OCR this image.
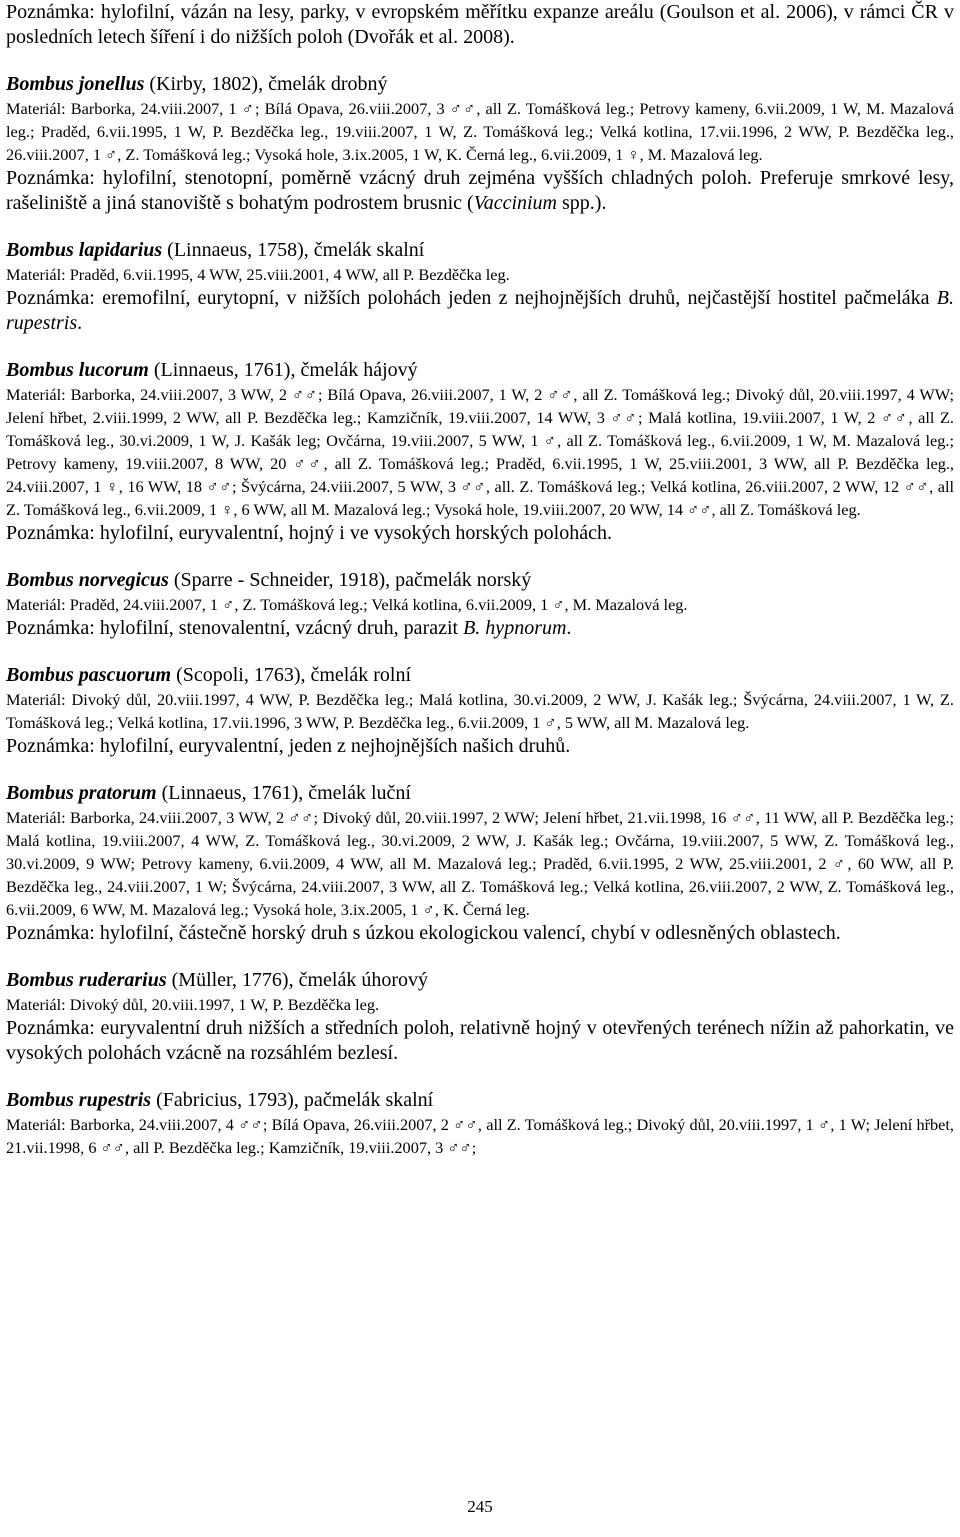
Poznámka: hylofilní, vázán na lesy, parky, v evropském měřítku expanze areálu (Goulson et al. 2006), v rámci ČR v posledních letech šíření i do nižších poloh (Dvořák et al. 2008).

Bombus jonellus (Kirby, 1802), čmelák drobný

Materiál: Barborka, 24.viii.2007, 1 ♂; Bílá Opava, 26.viii.2007, 3 ♂♂, all Z. Tomášková leg.; Petrovy kameny, 6.vii.2009, 1 W, M. Mazalová leg.; Praděd, 6.vii.1995, 1 W, P. Bezděčka leg., 19.viii.2007, 1 W, Z. Tomášková leg.; Velká kotlina, 17.vii.1996, 2 WW, P. Bezděčka leg., 26.viii.2007, 1 ♂, Z. Tomášková leg.; Vysoká hole, 3.ix.2005, 1 W, K. Černá leg., 6.vii.2009, 1 ♀, M. Mazalová leg.

Poznámka: hylofilní, stenotopní, poměrně vzácný druh zejména vyšších chladných poloh. Preferuje smrkové lesy, rašeliniště a jiná stanoviště s bohatým podrostem brusnic (Vaccinium spp.).

Bombus lapidarius (Linnaeus, 1758), čmelák skalní

Materiál: Praděd, 6.vii.1995, 4 WW, 25.viii.2001, 4 WW, all P. Bezděčka leg.

Poznámka: eremofilní, eurytopní, v nižších polohách jeden z nejhojnějších druhů, nejčastější hostitel pačmeláka B. rupestris.

Bombus lucorum (Linnaeus, 1761), čmelák hájový

Materiál: Barborka, 24.viii.2007, 3 WW, 2 ♂♂; Bílá Opava, 26.viii.2007, 1 W, 2 ♂♂, all Z. Tomášková leg.; Divoký důl, 20.viii.1997, 4 WW; Jelení hřbet, 2.viii.1999, 2 WW, all P. Bezděčka leg.; Kamzičník, 19.viii.2007, 14 WW, 3 ♂♂; Malá kotlina, 19.viii.2007, 1 W, 2 ♂♂, all Z. Tomášková leg., 30.vi.2009, 1 W, J. Kašák leg; Ovčárna, 19.viii.2007, 5 WW, 1 ♂, all Z. Tomášková leg., 6.vii.2009, 1 W, M. Mazalová leg.; Petrovy kameny, 19.viii.2007, 8 WW, 20 ♂♂, all Z. Tomášková leg.; Praděd, 6.vii.1995, 1 W, 25.viii.2001, 3 WW, all P. Bezděčka leg., 24.viii.2007, 1 ♀, 16 WW, 18 ♂♂; Švýcárna, 24.viii.2007, 5 WW, 3 ♂♂, all. Z. Tomášková leg.; Velká kotlina, 26.viii.2007, 2 WW, 12 ♂♂, all Z. Tomášková leg., 6.vii.2009, 1 ♀, 6 WW, all M. Mazalová leg.; Vysoká hole, 19.viii.2007, 20 WW, 14 ♂♂, all Z. Tomášková leg.

Poznámka: hylofilní, euryvalentní, hojný i ve vysokých horských polohách.

Bombus norvegicus (Sparre - Schneider, 1918), pačmelák norský

Materiál: Praděd, 24.viii.2007, 1 ♂, Z. Tomášková leg.; Velká kotlina, 6.vii.2009, 1 ♂, M. Mazalová leg.

Poznámka: hylofilní, stenovalentní, vzácný druh, parazit B. hypnorum.

Bombus pascuorum (Scopoli, 1763), čmelák rolní

Materiál: Divoký důl, 20.viii.1997, 4 WW, P. Bezděčka leg.; Malá kotlina, 30.vi.2009, 2 WW, J. Kašák leg.; Švýcárna, 24.viii.2007, 1 W, Z. Tomášková leg.; Velká kotlina, 17.vii.1996, 3 WW, P. Bezděčka leg., 6.vii.2009, 1 ♂, 5 WW, all M. Mazalová leg.

Poznámka: hylofilní, euryvalentní, jeden z nejhojnějších našich druhů.

Bombus pratorum (Linnaeus, 1761), čmelák luční

Materiál: Barborka, 24.viii.2007, 3 WW, 2 ♂♂; Divoký důl, 20.viii.1997, 2 WW; Jelení hřbet, 21.vii.1998, 16 ♂♂, 11 WW, all P. Bezděčka leg.; Malá kotlina, 19.viii.2007, 4 WW, Z. Tomášková leg., 30.vi.2009, 2 WW, J. Kašák leg.; Ovčárna, 19.viii.2007, 5 WW, Z. Tomášková leg., 30.vi.2009, 9 WW; Petrovy kameny, 6.vii.2009, 4 WW, all M. Mazalová leg.; Praděd, 6.vii.1995, 2 WW, 25.viii.2001, 2 ♂, 60 WW, all P. Bezděčka leg., 24.viii.2007, 1 W; Švýcárna, 24.viii.2007, 3 WW, all Z. Tomášková leg.; Velká kotlina, 26.viii.2007, 2 WW, Z. Tomášková leg., 6.vii.2009, 6 WW, M. Mazalová leg.; Vysoká hole, 3.ix.2005, 1 ♂, K. Černá leg.

Poznámka: hylofilní, částečně horský druh s úzkou ekologickou valencí, chybí v odlesněných oblastech.

Bombus ruderarius (Müller, 1776), čmelák úhorový

Materiál: Divoký důl, 20.viii.1997, 1 W, P. Bezděčka leg.

Poznámka: euryvalentní druh nižších a středních poloh, relativně hojný v otevřených terénech nížin až pahorkatin, ve vysokých polohách vzácně na rozsáhlém bezlesí.

Bombus rupestris (Fabricius, 1793), pačmelák skalní

Materiál: Barborka, 24.viii.2007, 4 ♂♂; Bílá Opava, 26.viii.2007, 2 ♂♂, all Z. Tomášková leg.; Divoký důl, 20.viii.1997, 1 ♂, 1 W; Jelení hřbet, 21.vii.1998, 6 ♂♂, all P. Bezděčka leg.; Kamzičník, 19.viii.2007, 3 ♂♂;

245
